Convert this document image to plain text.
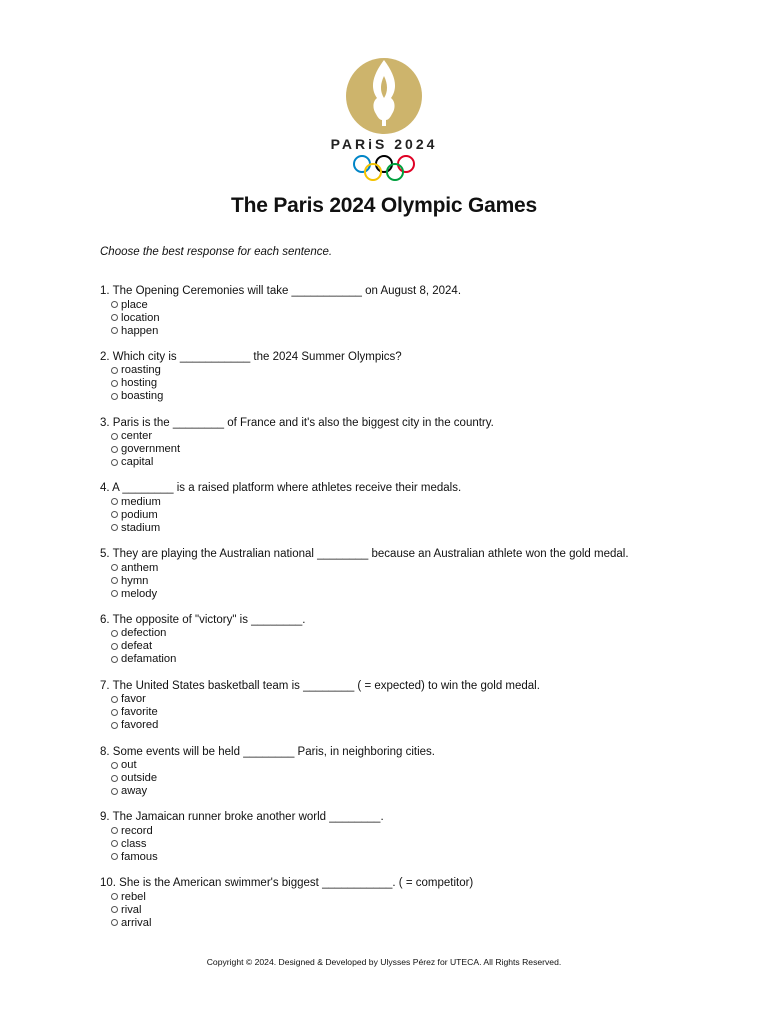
PARiS 2024
The Paris 2024 Olympic Games
Choose the best response for each sentence.
1. The Opening Ceremonies will take ___________ on August 8, 2024.
place
location
happen
2. Which city is ___________ the 2024 Summer Olympics?
roasting
hosting
boasting
3. Paris is the ________ of France and it's also the biggest city in the country.
center
government
capital
4. A ________ is a raised platform where athletes receive their medals.
medium
podium
stadium
5. They are playing the Australian national ________ because an Australian athlete won the gold medal.
anthem
hymn
melody
6. The opposite of "victory" is ________.
defection
defeat
defamation
7. The United States basketball team is ________ ( = expected) to win the gold medal.
favor
favorite
favored
8. Some events will be held ________ Paris, in neighboring cities.
out
outside
away
9. The Jamaican runner broke another world ________.
record
class
famous
10. She is the American swimmer's biggest ___________. ( = competitor)
rebel
rival
arrival
Copyright © 2024. Designed & Developed by Ulysses Pérez for UTECA. All Rights Reserved.
